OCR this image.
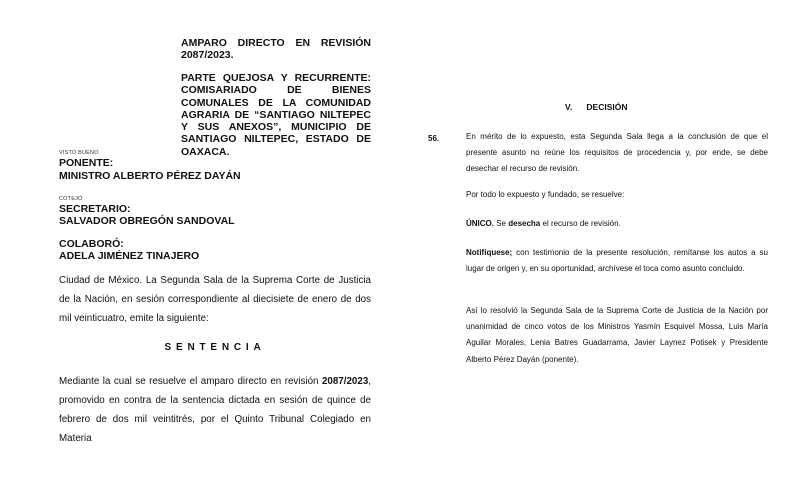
AMPARO DIRECTO EN REVISIÓN 2087/2023.
PARTE QUEJOSA Y RECURRENTE: COMISARIADO DE BIENES COMUNALES DE LA COMUNIDAD AGRARIA DE “SANTIAGO NILTEPEC Y SUS ANEXOS”, MUNICIPIO DE SANTIAGO NILTEPEC, ESTADO DE OAXACA.
VISTO BUENO
PONENTE:
MINISTRO ALBERTO PÉREZ DAYÁN
COTEJÓ
SECRETARIO:
SALVADOR OBREGÓN SANDOVAL
COLABORÓ:
ADELA JIMÉNEZ TINAJERO
Ciudad de México. La Segunda Sala de la Suprema Corte de Justicia de la Nación, en sesión correspondiente al diecisiete de enero de dos mil veinticuatro, emite la siguiente:
SENTENCIA
Mediante la cual se resuelve el amparo directo en revisión 2087/2023, promovido en contra de la sentencia dictada en sesión de quince de febrero de dos mil veintitrés, por el Quinto Tribunal Colegiado en Materia
V.      DECISIÓN
56.	En mérito de lo expuesto, esta Segunda Sala llega a la conclusión de que el presente asunto no reúne los requisitos de procedencia y, por ende, se debe desechar el recurso de revisión.
Por todo lo expuesto y fundado, se resuelve:
ÚNICO. Se desecha el recurso de revisión.
Notifíquese; con testimonio de la presente resolución, remítanse los autos a su lugar de origen y, en su oportunidad, archívese el toca como asunto concluido.
Así lo resolvió la Segunda Sala de la Suprema Corte de Justicia de la Nación por unanimidad de cinco votos de los Ministros Yasmín Esquivel Mossa, Luis María Aguilar Morales, Lenia Batres Guadarrama, Javier Laynez Potisek y Presidente Alberto Pérez Dayán (ponente).
